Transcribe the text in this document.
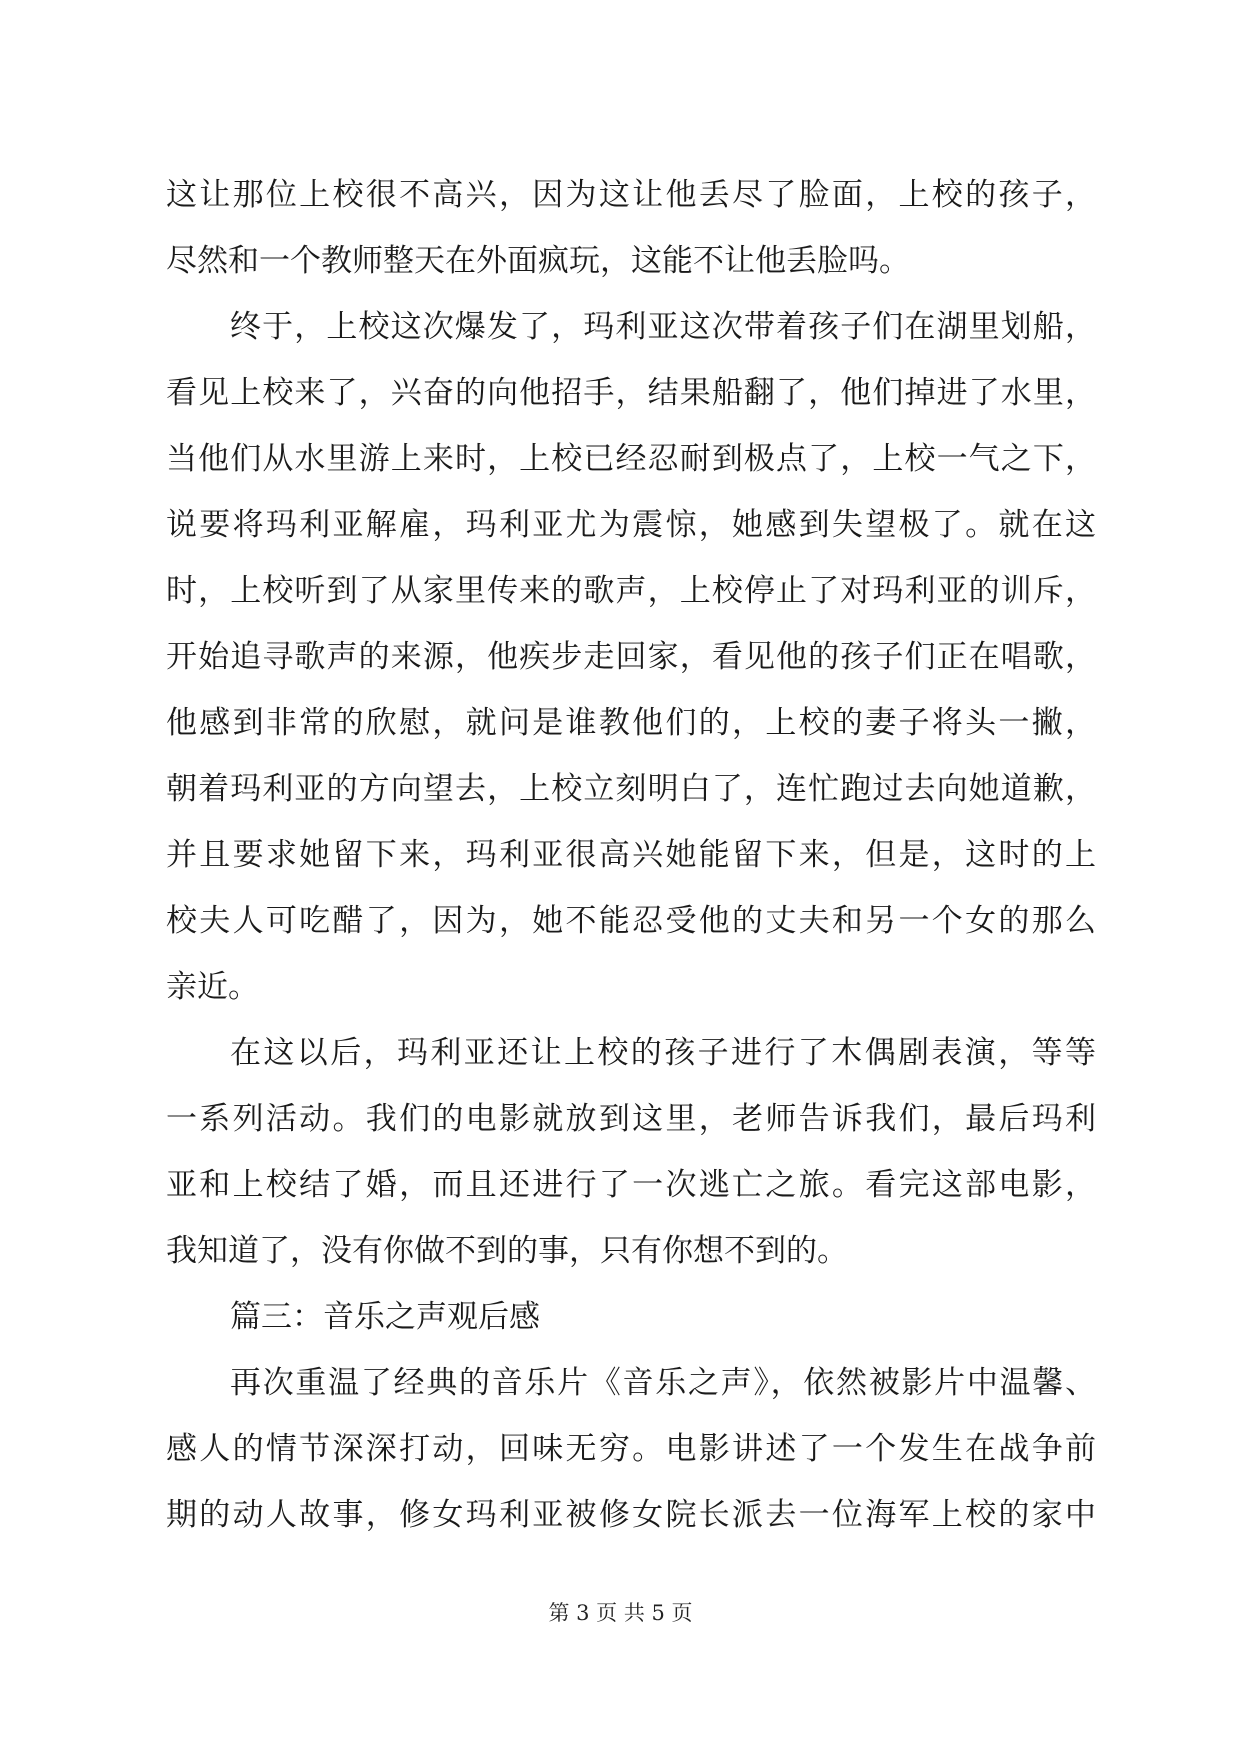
这让那位上校很不高兴，因为这让他丢尽了脸面，上校的孩子，
尽然和一个教师整天在外面疯玩，这能不让他丢脸吗。
终于，上校这次爆发了，玛利亚这次带着孩子们在湖里划船，
看见上校来了，兴奋的向他招手，结果船翻了，他们掉进了水里，
当他们从水里游上来时，上校已经忍耐到极点了，上校一气之下，
说要将玛利亚解雇，玛利亚尤为震惊，她感到失望极了。就在这
时，上校听到了从家里传来的歌声，上校停止了对玛利亚的训斥，
开始追寻歌声的来源，他疾步走回家，看见他的孩子们正在唱歌，
他感到非常的欣慰，就问是谁教他们的，上校的妻子将头一撇，
朝着玛利亚的方向望去，上校立刻明白了，连忙跑过去向她道歉，
并且要求她留下来，玛利亚很高兴她能留下来，但是，这时的上
校夫人可吃醋了，因为，她不能忍受他的丈夫和另一个女的那么
亲近。
在这以后，玛利亚还让上校的孩子进行了木偶剧表演，等等
一系列活动。我们的电影就放到这里，老师告诉我们，最后玛利
亚和上校结了婚，而且还进行了一次逃亡之旅。看完这部电影，
我知道了，没有你做不到的事，只有你想不到的。
篇三：音乐之声观后感
再次重温了经典的音乐片《音乐之声》，依然被影片中温馨、
感人的情节深深打动，回味无穷。电影讲述了一个发生在战争前
期的动人故事，修女玛利亚被修女院长派去一位海军上校的家中
第 3 页 共 5 页
